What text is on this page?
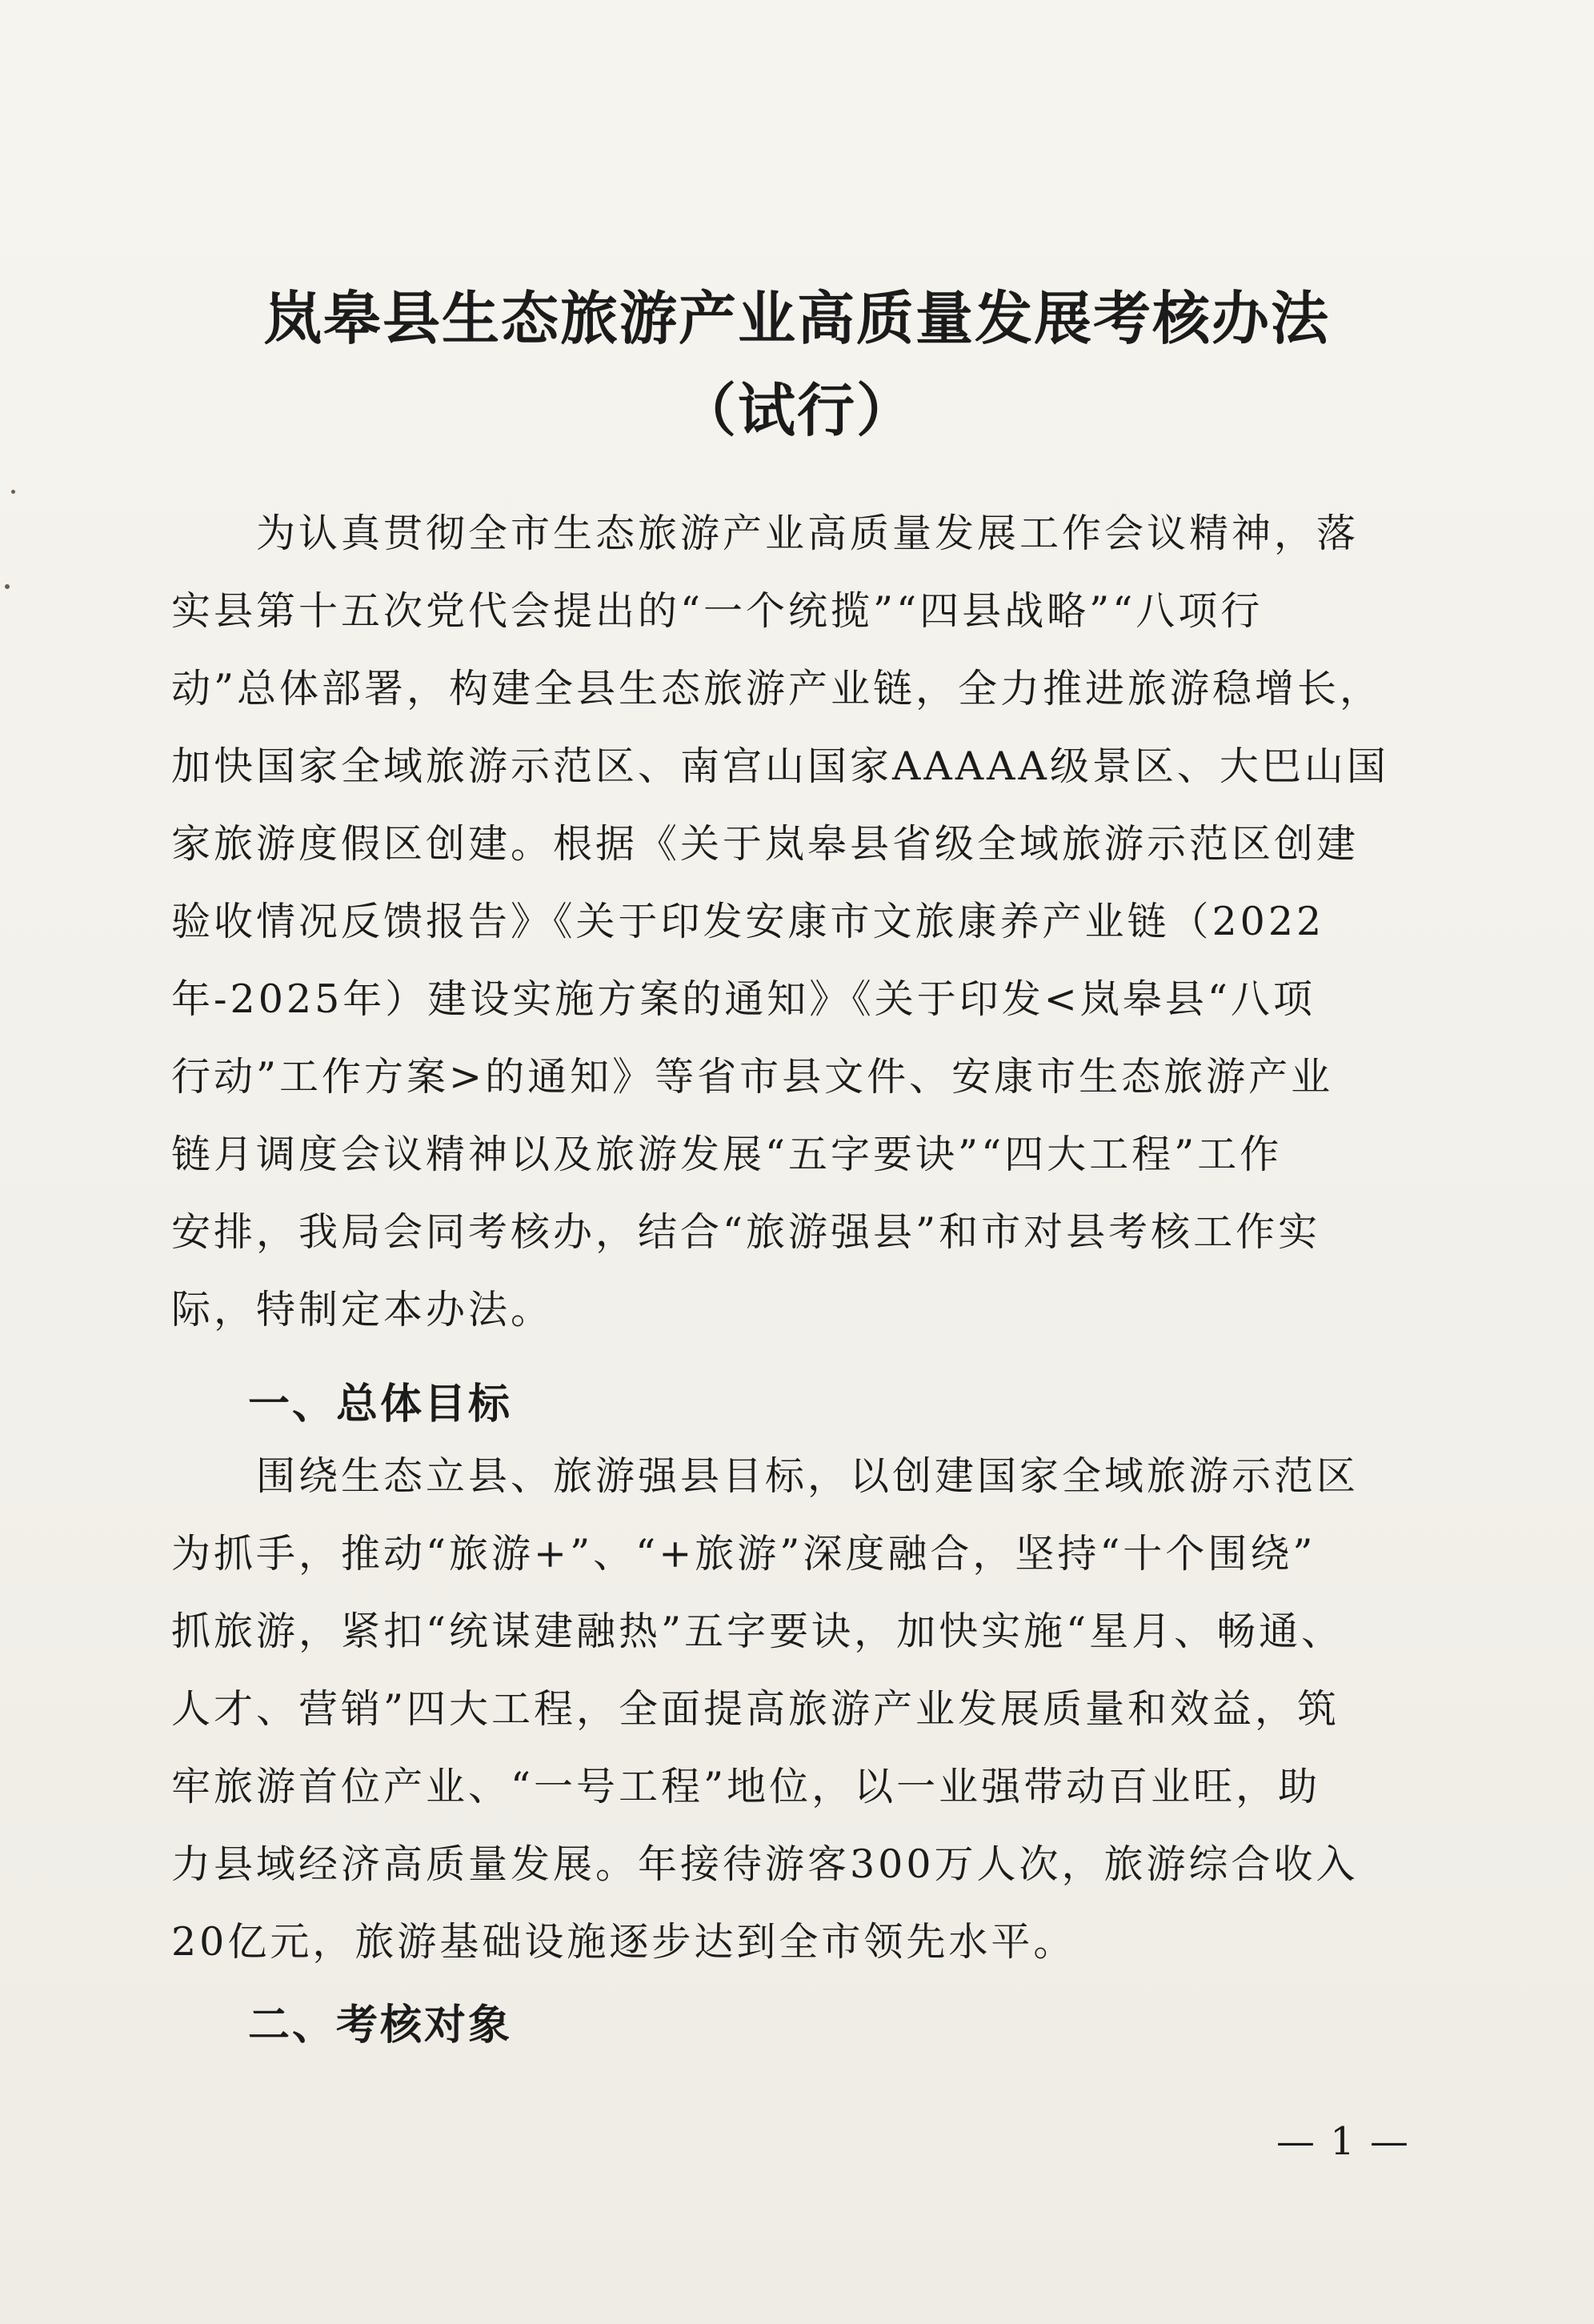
岚皋县生态旅游产业高质量发展考核办法
（试行）
　　为认真贯彻全市生态旅游产业高质量发展工作会议精神，落
实县第十五次党代会提出的“一个统揽”“四县战略”“八项行
动”总体部署，构建全县生态旅游产业链，全力推进旅游稳增长，
加快国家全域旅游示范区、南宫山国家AAAAA级景区、大巴山国
家旅游度假区创建。根据《关于岚皋县省级全域旅游示范区创建
验收情况反馈报告》《关于印发安康市文旅康养产业链（2022
年-2025年）建设实施方案的通知》《关于印发<岚皋县“八项
行动”工作方案>的通知》等省市县文件、安康市生态旅游产业
链月调度会议精神以及旅游发展“五字要诀”“四大工程”工作
安排，我局会同考核办，结合“旅游强县”和市对县考核工作实
际，特制定本办法。
一、总体目标
　　围绕生态立县、旅游强县目标，以创建国家全域旅游示范区
为抓手，推动“旅游+”、“+旅游”深度融合，坚持“十个围绕”
抓旅游，紧扣“统谋建融热”五字要诀，加快实施“星月、畅通、
人才、营销”四大工程，全面提高旅游产业发展质量和效益，筑
牢旅游首位产业、“一号工程”地位，以一业强带动百业旺，助
力县域经济高质量发展。年接待游客300万人次，旅游综合收入
20亿元，旅游基础设施逐步达到全市领先水平。
二、考核对象
— 1 —
